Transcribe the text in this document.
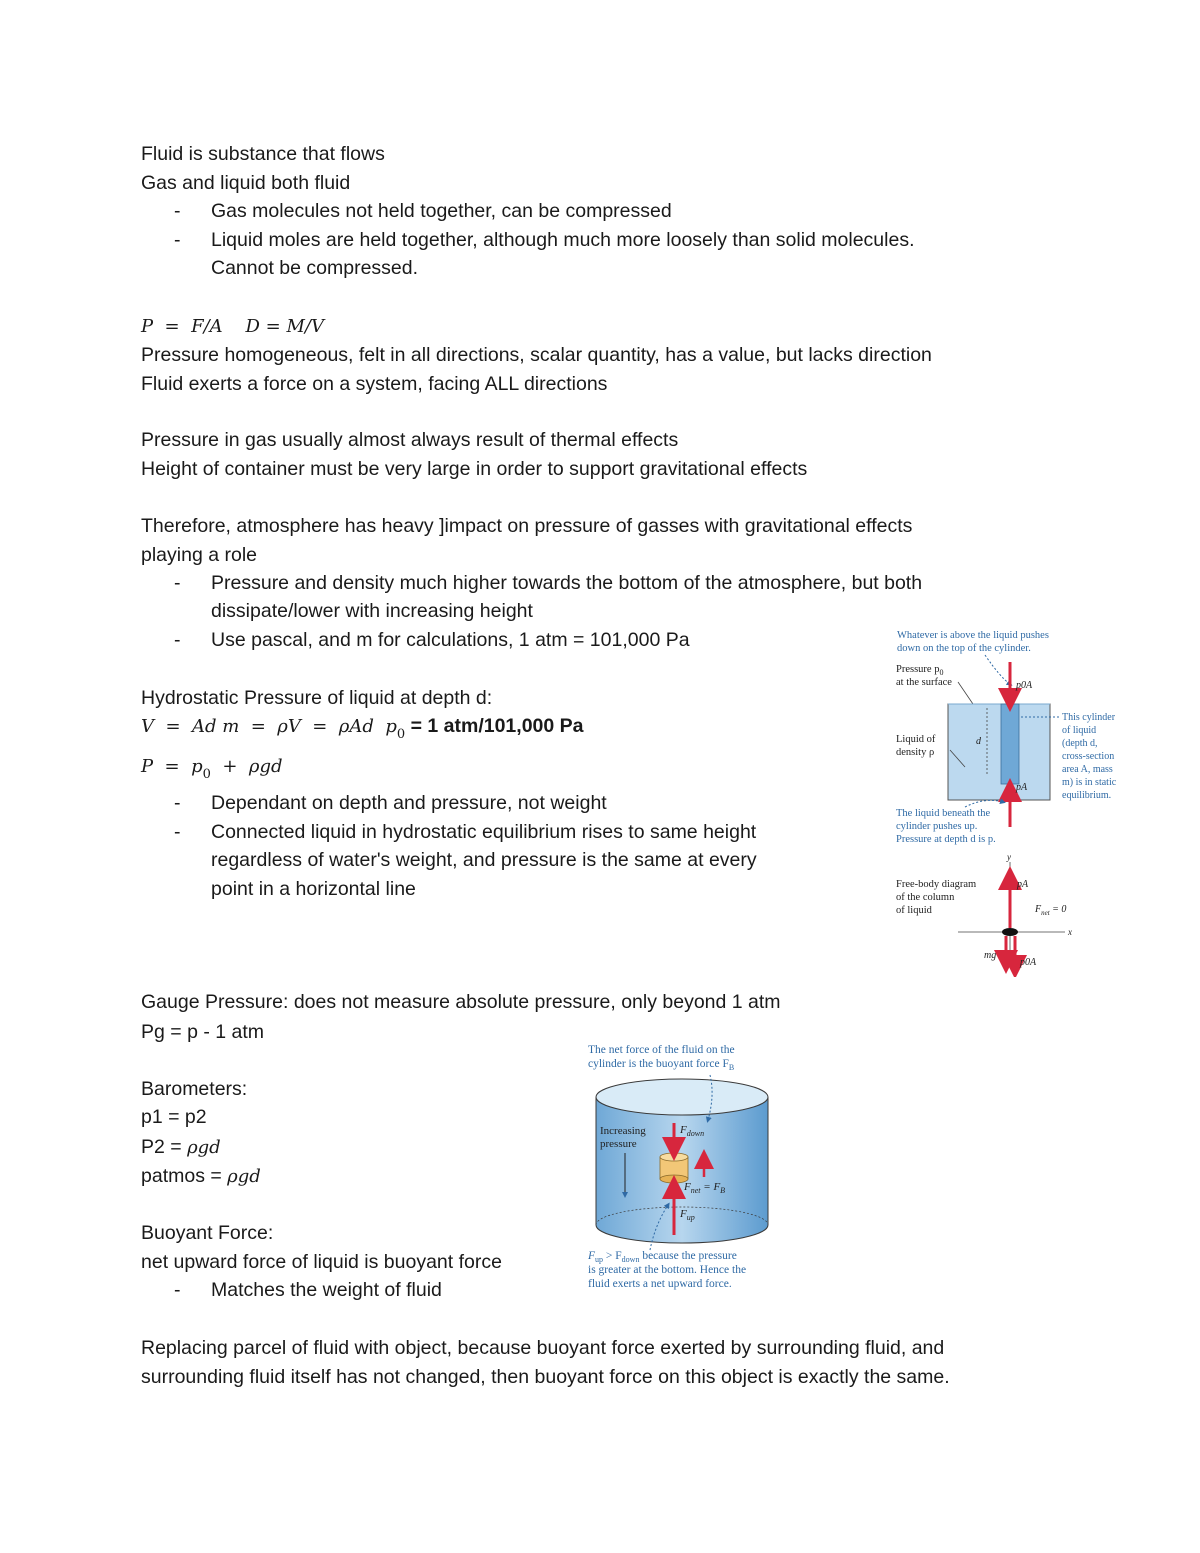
Fluid is substance that flows
Gas and liquid both fluid
- Gas molecules not held together, can be compressed
- Liquid moles are held together, although much more loosely than solid molecules.
Cannot be compressed.
P  =  F/A    D = M/V
Pressure homogeneous, felt in all directions, scalar quantity, has a value, but lacks direction
Fluid exerts a force on a system, facing ALL directions
Pressure in gas usually almost always result of thermal effects
Height of container must be very large in order to support gravitational effects
Therefore, atmosphere has heavy ]impact on pressure of gasses with gravitational effects
playing a role
- Pressure and density much higher towards the bottom of the atmosphere, but both
dissipate/lower with increasing height
- Use pascal, and m for calculations, 1 atm = 101,000 Pa
Hydrostatic Pressure of liquid at depth d:
V  =  Ad m  =  ρV  =  ρAd  $p_0 = 1$ atm/101,000 Pa
$P = p_0 + \rho gd$
- Dependant on depth and pressure, not weight
- Connected liquid in hydrostatic equilibrium rises to same height
regardless of water's weight, and pressure is the same at every
point in a horizontal line
Gauge Pressure: does not measure absolute pressure, only beyond 1 atm
Pg = p - 1 atm
Barometers:
p1 = p2
P2 = ρgd
patmos = ρgd
Buoyant Force:
net upward force of liquid is buoyant force
- Matches the weight of fluid
Replacing parcel of fluid with object, because buoyant force exerted by surrounding fluid, and
surrounding fluid itself has not changed, then buoyant force on this object is exactly the same.
Whatever is above the liquid pushes
down on the top of the cylinder.
Pressure $p_0$
at the surface
d
Liquid of
density ρ
p0A
pA
This cylinder
of liquid
(depth d,
cross-section
area A, mass
m) is in static
equilibrium.
The liquid beneath the
cylinder pushes up.
Pressure at depth d is p.
y
x
Free-body diagram
of the column
of liquid
pA
$F_{net} = 0$
mg
p0A
The net force of the fluid on the
cylinder is the buoyant force $F_B$
Increasing
pressure
$F_{down}$
$F_{up}$
$F_{net} = F_B$
$F_{up} > F_{down}$ because the pressure
is greater at the bottom. Hence the
fluid exerts a net upward force.
